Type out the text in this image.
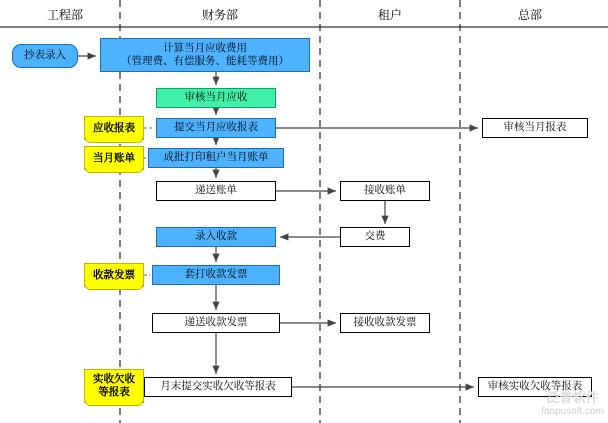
工程部	财务部	租户	总部
抄表录入
计算当月应收费用
（管理费、有偿服务、能耗等费用）
审核当月应收
提交当月应收报表
成批打印租户当月账单
递送账单	接收账单
录入收款	交费
套打收款发票
递送收款发票	接收收款发票
月末提交实收欠收等报表
审核当月报表
审核实收欠收等报表
应收报表
当月账单
收款发票
实收欠收
等报表	泛普软件
fanpusoft.com
